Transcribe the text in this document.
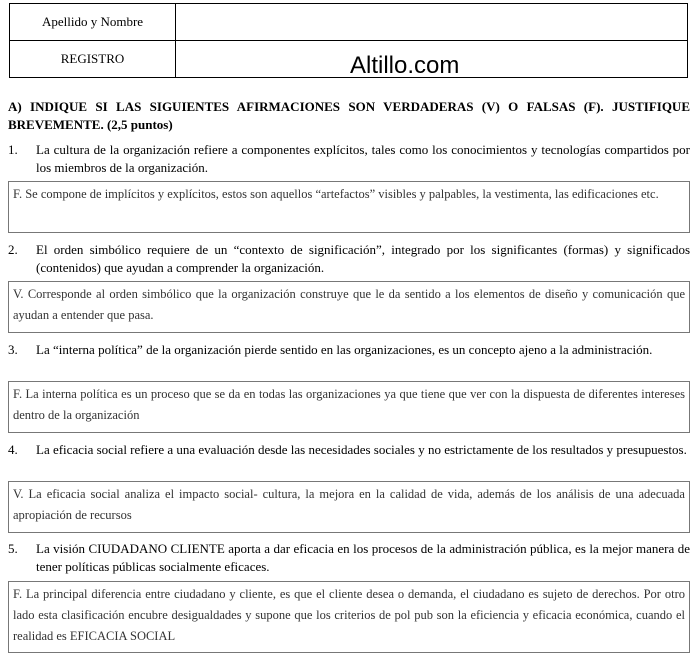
Apellido y Nombre	
REGISTRO		Altillo.com
A) INDIQUE SI LAS SIGUIENTES AFIRMACIONES SON VERDADERAS (V) O FALSAS (F). JUSTIFIQUE BREVEMENTE. (2,5 puntos)
1. La cultura de la organización refiere a componentes explícitos, tales como los conocimientos y tecnologías compartidos por los miembros de la organización.
F. Se compone de implícitos y explícitos, estos son aquellos “artefactos” visibles y palpables, la vestimenta, las edificaciones etc.
2. El orden simbólico requiere de un “contexto de significación”, integrado por los significantes (formas) y significados (contenidos) que ayudan a comprender la organización.
V. Corresponde al orden simbólico que la organización construye que le da sentido a los elementos de diseño y comunicación que ayudan a entender que pasa.
3. La “interna política” de la organización pierde sentido en las organizaciones, es un concepto ajeno a la administración.
F. La interna política es un proceso que se da en todas las organizaciones ya que tiene que ver con la dispuesta de diferentes intereses dentro de la organización
4. La eficacia social refiere a una evaluación desde las necesidades sociales y no estrictamente de los resultados y presupuestos.
V. La eficacia social analiza el impacto social- cultura, la mejora en la calidad de vida, además de los análisis de una adecuada apropiación de recursos
5. La visión CIUDADANO CLIENTE aporta a dar eficacia en los procesos de la administración pública, es la mejor manera de tener políticas públicas socialmente eficaces.
F. La principal diferencia entre ciudadano y cliente, es que el cliente desea o demanda, el ciudadano es sujeto de derechos. Por otro lado esta clasificación encubre desigualdades y supone que los criterios de pol pub son la eficiencia y eficacia económica, cuando el realidad es EFICACIA SOCIAL
